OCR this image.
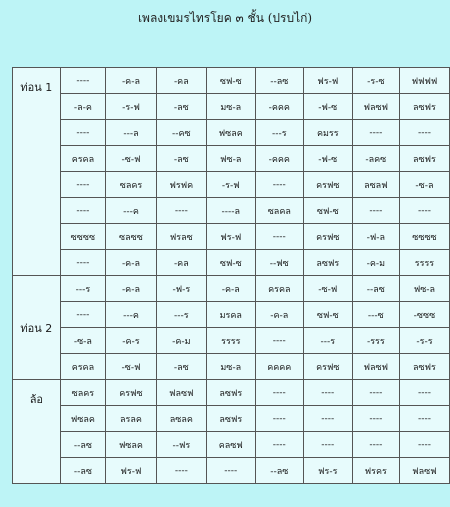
เพลงเขมรไทรโยค ๓ ชั้น (ปรบไก่)
ท่อน 1	----	-ค-ล	-คล	ซฟ-ซ	--ลซ	ฟร-ฟ	-ร-ซ	ฟฟฟฟ
	-ล-ค	-ร-ฟ	-ลซ	มซ-ล	-คคค	-ฟ-ซ	ฟลซฟ	ลซฟร
	----	---ล	--คซ	ฟซลค	---ร	คมรร	----	----
	ครคล	-ซ-ฟ	-ลซ	ฟซ-ล	-คคค	-ฟ-ซ	-ลคซ	ลซฟร
	----	ซลคร	ฟรฟค	-ร-ฟ	----	ครฟซ	ลซลฟ	-ซ-ล
	----	---ค	----	----ล	ซลคล	ซฟ-ซ	----	----
	ซซซซ	ซลซซ	ฟรลซ	ฟร-ฟ	----	ครฟซ	-ฟ-ล	ซซซซ
	----	-ค-ล	-คล	ซฟ-ซ	--ฟซ	ลซฟร	-ค-ม	รรรร
ท่อน 2	---ร	-ค-ล	-ฟ-ร	-ค-ล	ครคล	-ซ-ฟ	--ลซ	ฟซ-ล
	----	---ค	---ร	มรคล	-ค-ล	ซฟ-ซ	---ซ	-ซซซ
	-ซ-ล	-ค-ร	-ค-ม	รรรร	----	---ร	-รรร	-ร-ร
	ครคล	-ซ-ฟ	-ลซ	มซ-ล	คคคค	ครฟซ	ฟลซฟ	ลซฟร
ล้อ	ซลคร	ครฟซ	ฟลซฟ	ลซฟร	----	----	----	----
	ฟซลค	ลรลค	ลซลค	ลซฟร	----	----	----	----
	--ลซ	ฟซลค	--ฟร	คลซฟ	----	----	----	----
	--ลซ	ฟร-ฟ	----	----	--ลซ	ฟร-ร	ฟรคร	ฟลซฟ
